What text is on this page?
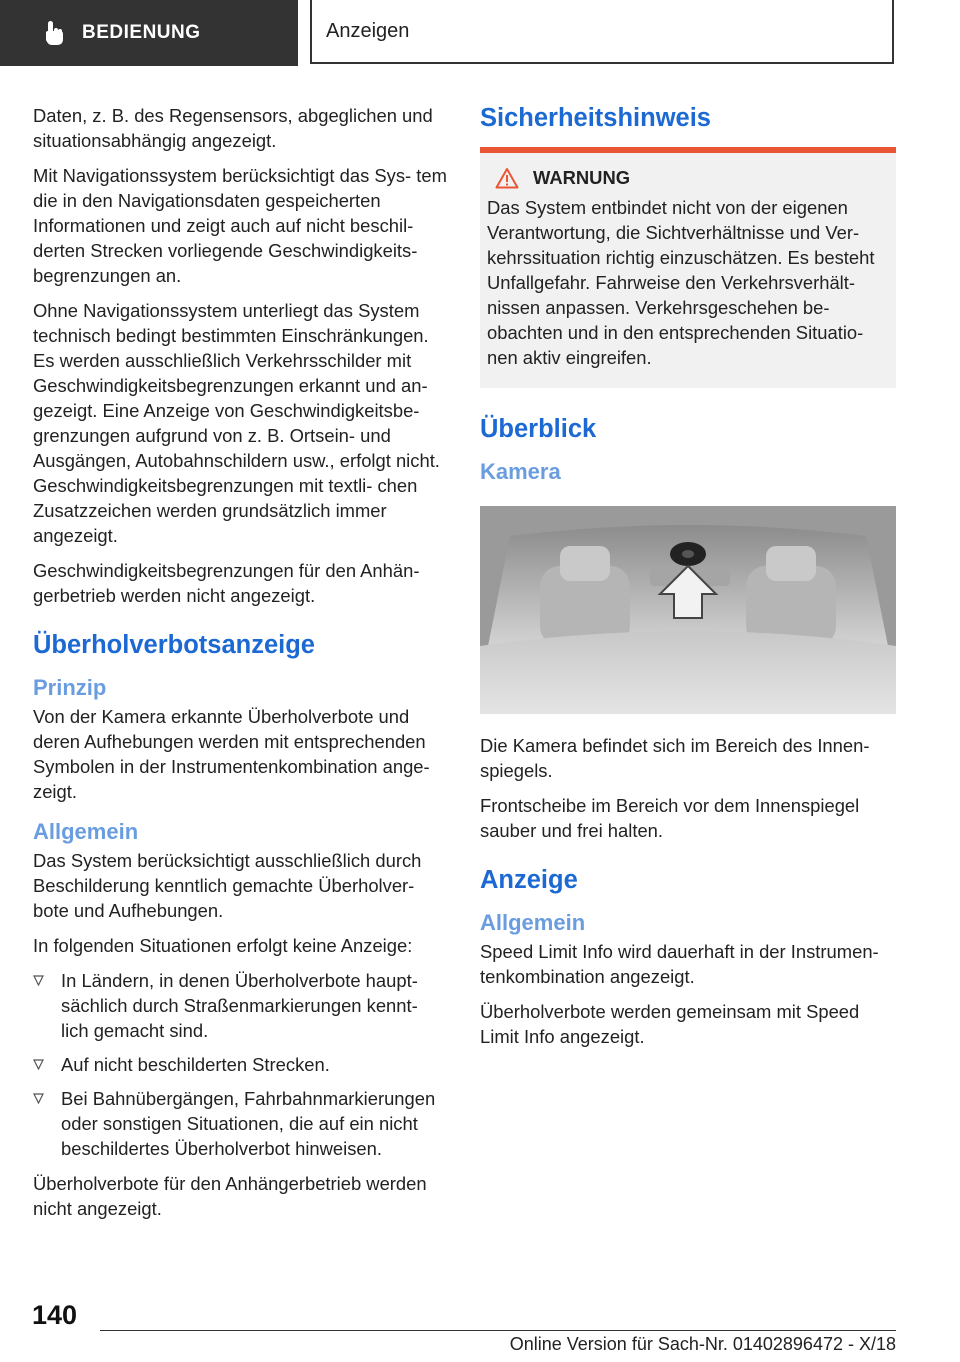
BEDIENUNG	Anzeigen

Daten, z. B. des Regensensors, abgeglichen und situationsabhängig angezeigt.

Mit Navigationssystem berücksichtigt das Sys- tem die in den Navigationsdaten gespeicherten Informationen und zeigt auch auf nicht beschil- derten Strecken vorliegende Geschwindigkeits- begrenzungen an.

Ohne Navigationssystem unterliegt das System technisch bedingt bestimmten Einschränkungen. Es werden ausschließlich Verkehrsschilder mit Geschwindigkeitsbegrenzungen erkannt und an- gezeigt. Eine Anzeige von Geschwindigkeitsbe- grenzungen aufgrund von z. B. Ortsein- und Ausgängen, Autobahnschildern usw., erfolgt nicht. Geschwindigkeitsbegrenzungen mit textli- chen Zusatzzeichen werden grundsätzlich immer angezeigt.

Geschwindigkeitsbegrenzungen für den Anhän- gerbetrieb werden nicht angezeigt.

Überholverbotsanzeige
Prinzip

Von der Kamera erkannte Überholverbote und deren Aufhebungen werden mit entsprechenden Symbolen in der Instrumentenkombination ange- zeigt.

Allgemein

Das System berücksichtigt ausschließlich durch Beschilderung kenntlich gemachte Überholver- bote und Aufhebungen.

In folgenden Situationen erfolgt keine Anzeige:

In Ländern, in denen Überholverbote haupt- sächlich durch Straßenmarkierungen kennt- lich gemacht sind.
Auf nicht beschilderten Strecken.
Bei Bahnübergängen, Fahrbahnmarkierungen oder sonstigen Situationen, die auf ein nicht beschildertes Überholverbot hinweisen.

Überholverbote für den Anhängerbetrieb werden nicht angezeigt.

Sicherheitshinweis
WARNUNG

Das System entbindet nicht von der eigenen Verantwortung, die Sichtverhältnisse und Ver- kehrssituation richtig einzuschätzen. Es besteht Unfallgefahr. Fahrweise den Verkehrsverhält- nissen anpassen. Verkehrsgeschehen be- obachten und in den entsprechenden Situatio- nen aktiv eingreifen.

Überblick
Kamera

Die Kamera befindet sich im Bereich des Innen- spiegels.

Frontscheibe im Bereich vor dem Innenspiegel sauber und frei halten.

Anzeige
Allgemein

Speed Limit Info wird dauerhaft in der Instrumen- tenkombination angezeigt.

Überholverbote werden gemeinsam mit Speed Limit Info angezeigt.

140
Online Version für Sach-Nr. 01402896472 - X/18
